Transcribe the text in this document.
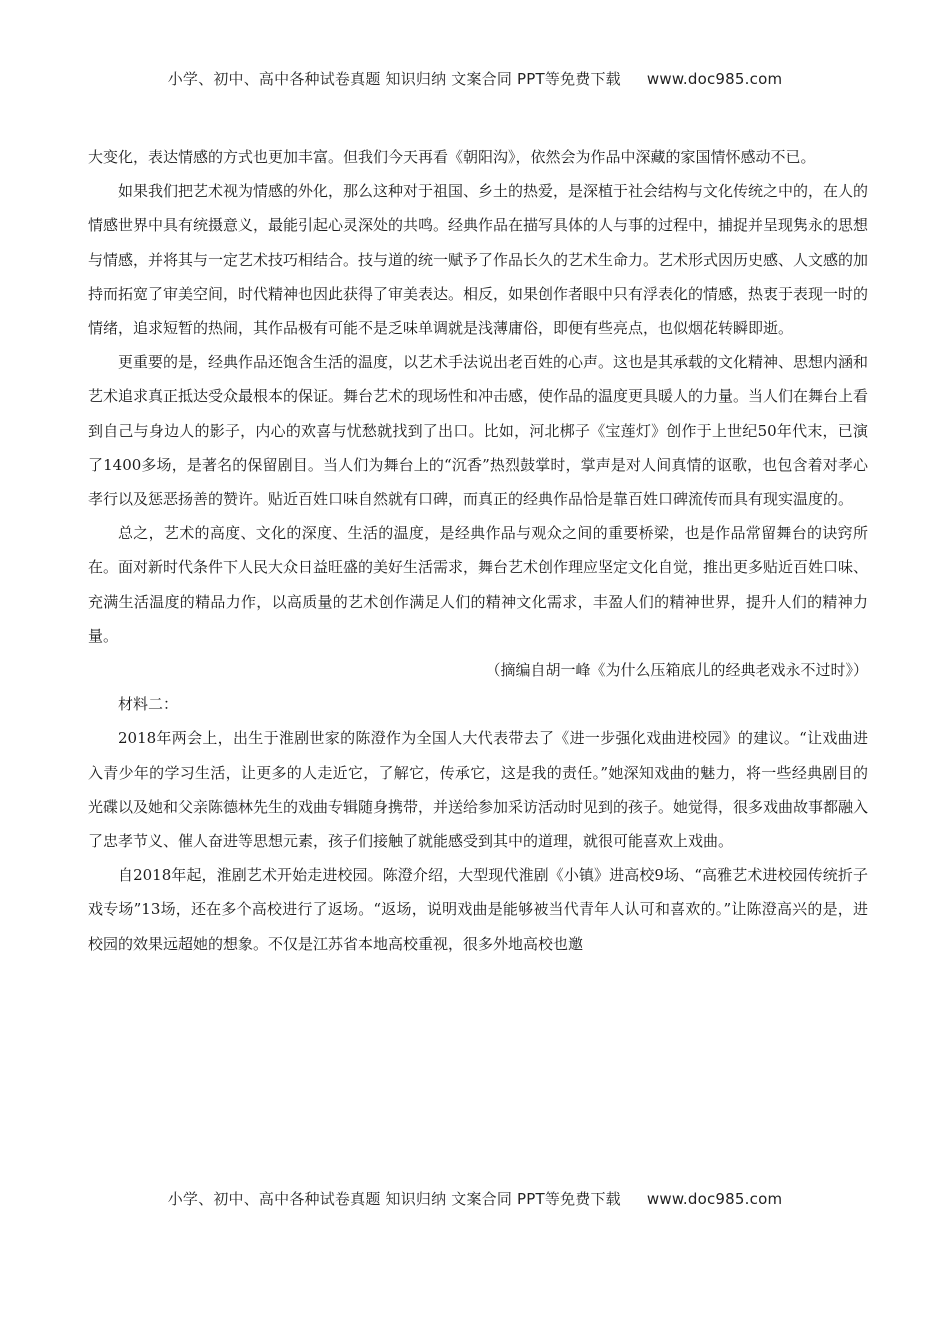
小学、初中、高中各种试卷真题 知识归纳 文案合同 PPT等免费下载 www.doc985.com

大变化，表达情感的方式也更加丰富。但我们今天再看《朝阳沟》，依然会为作品中深藏的家国情怀感动不已。

如果我们把艺术视为情感的外化，那么这种对于祖国、乡土的热爱，是深植于社会结构与文化传统之中的，在人的情感世界中具有统摄意义，最能引起心灵深处的共鸣。经典作品在描写具体的人与事的过程中，捕捉并呈现隽永的思想与情感，并将其与一定艺术技巧相结合。技与道的统一赋予了作品长久的艺术生命力。艺术形式因历史感、人文感的加持而拓宽了审美空间，时代精神也因此获得了审美表达。相反，如果创作者眼中只有浮表化的情感，热衷于表现一时的情绪，追求短暂的热闹，其作品极有可能不是乏味单调就是浅薄庸俗，即便有些亮点，也似烟花转瞬即逝。

更重要的是，经典作品还饱含生活的温度，以艺术手法说出老百姓的心声。这也是其承载的文化精神、思想内涵和艺术追求真正抵达受众最根本的保证。舞台艺术的现场性和冲击感，使作品的温度更具暖人的力量。当人们在舞台上看到自己与身边人的影子，内心的欢喜与忧愁就找到了出口。比如，河北梆子《宝莲灯》创作于上世纪50年代末，已演了1400多场，是著名的保留剧目。当人们为舞台上的“沉香”热烈鼓掌时，掌声是对人间真情的讴歌，也包含着对孝心孝行以及惩恶扬善的赞许。贴近百姓口味自然就有口碑，而真正的经典作品恰是靠百姓口碑流传而具有现实温度的。

总之，艺术的高度、文化的深度、生活的温度，是经典作品与观众之间的重要桥梁，也是作品常留舞台的诀窍所在。面对新时代条件下人民大众日益旺盛的美好生活需求，舞台艺术创作理应坚定文化自觉，推出更多贴近百姓口味、充满生活温度的精品力作，以高质量的艺术创作满足人们的精神文化需求，丰盈人们的精神世界，提升人们的精神力量。

（摘编自胡一峰《为什么压箱底儿的经典老戏永不过时》）

材料二：

2018年两会上，出生于淮剧世家的陈澄作为全国人大代表带去了《进一步强化戏曲进校园》的建议。“让戏曲进入青少年的学习生活，让更多的人走近它，了解它，传承它，这是我的责任。”她深知戏曲的魅力，将一些经典剧目的光碟以及她和父亲陈德林先生的戏曲专辑随身携带，并送给参加采访活动时见到的孩子。她觉得，很多戏曲故事都融入了忠孝节义、催人奋进等思想元素，孩子们接触了就能感受到其中的道理，就很可能喜欢上戏曲。

自2018年起，淮剧艺术开始走进校园。陈澄介绍，大型现代淮剧《小镇》进高校9场、“高雅艺术进校园传统折子戏专场”13场，还在多个高校进行了返场。“返场，说明戏曲是能够被当代青年人认可和喜欢的。”让陈澄高兴的是，进校园的效果远超她的想象。不仅是江苏省本地高校重视，很多外地高校也邀

小学、初中、高中各种试卷真题 知识归纳 文案合同 PPT等免费下载 www.doc985.com
